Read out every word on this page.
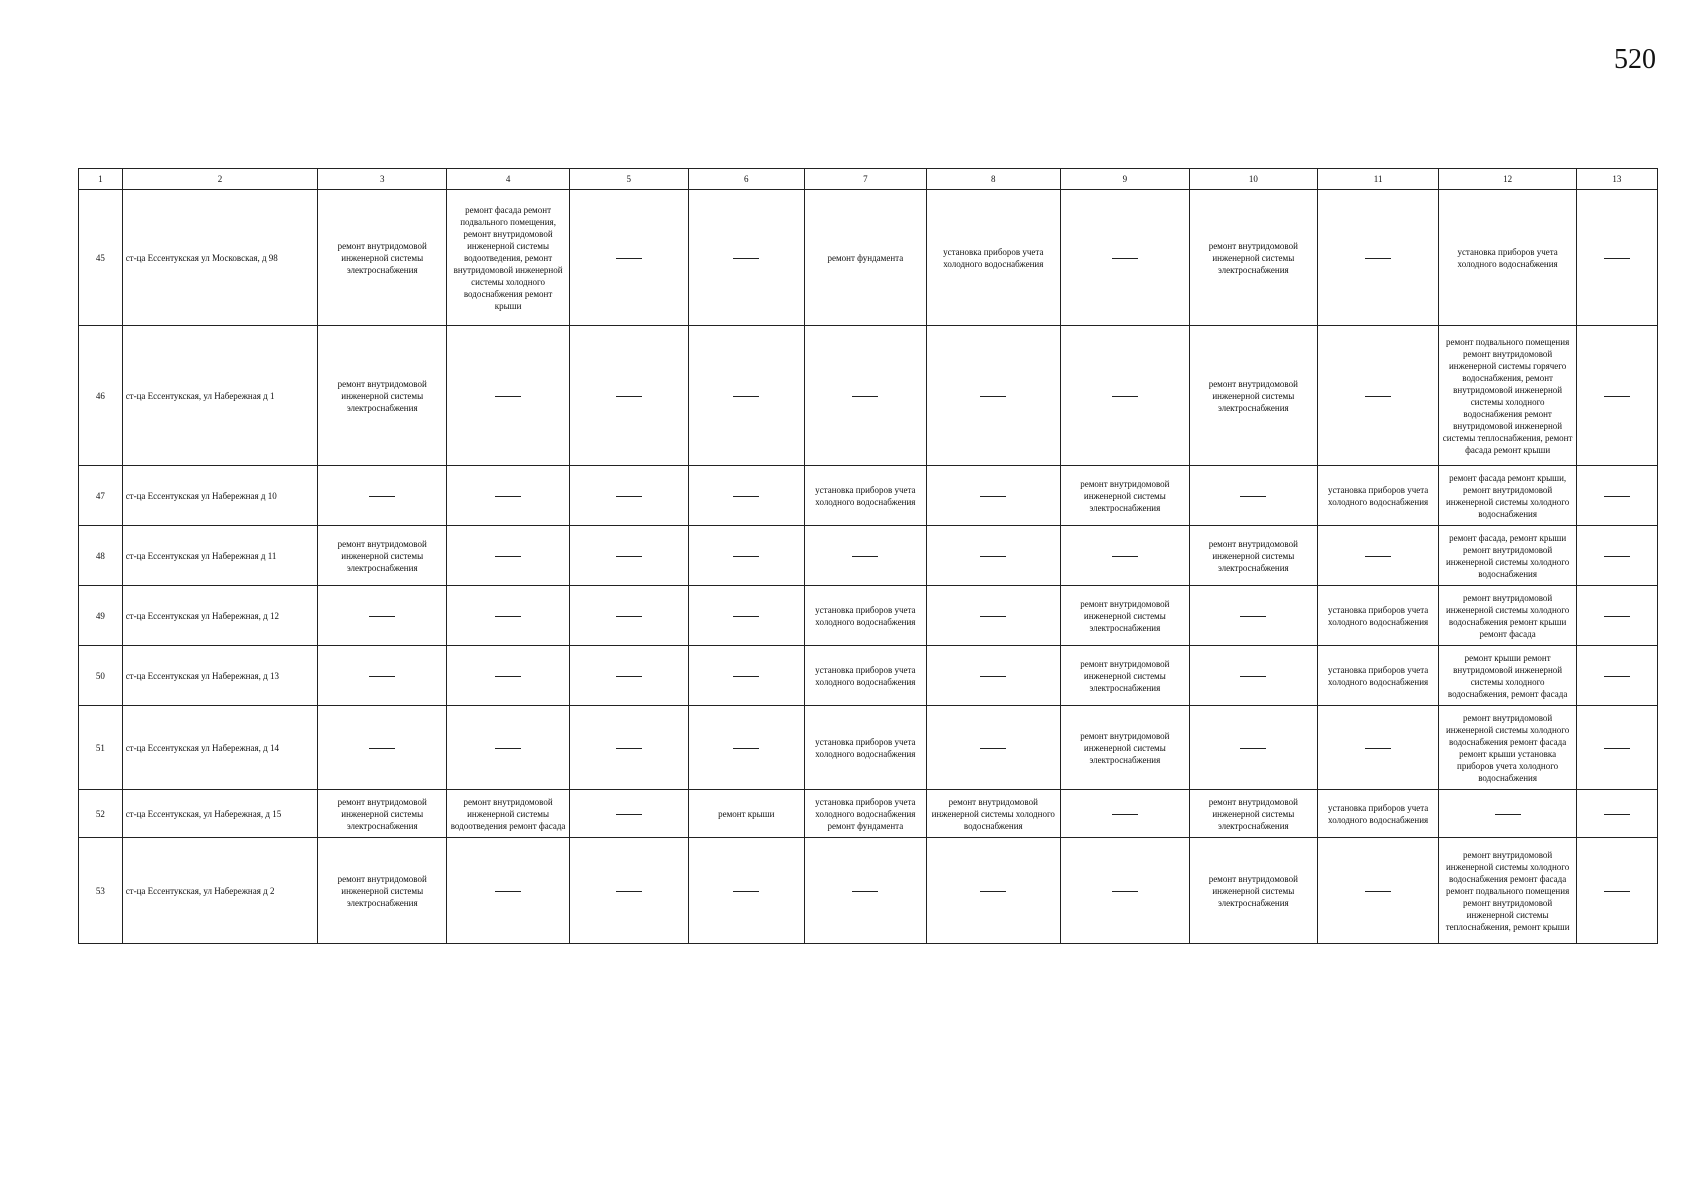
520
1	2	3	4	5	6	7	8	9	10	11	12	13
45	ст-ца Ессентукская ул Московская, д 98	ремонт внутридомовой инженерной системы электроснабжения	ремонт фасада ремонт подвального помещения, ремонт внутридомовой инженерной системы водоотведения, ремонт внутридомовой инженерной системы холодного водоснабжения ремонт крыши			ремонт фундамента	установка приборов учета холодного водоснабжения		ремонт внутридомовой инженерной системы электроснабжения		установка приборов учета холодного водоснабжения	
46	ст-ца Ессентукская, ул Набережная д 1	ремонт внутридомовой инженерной системы электроснабжения							ремонт внутридомовой инженерной системы электроснабжения		ремонт подвального помещения ремонт внутридомовой инженерной системы горячего водоснабжения, ремонт внутридомовой инженерной системы холодного водоснабжения ремонт внутридомовой инженерной системы теплоснабжения, ремонт фасада ремонт крыши	
47	ст-ца Ессентукская ул Набережная д 10					установка приборов учета холодного водоснабжения		ремонт внутридомовой инженерной системы электроснабжения		установка приборов учета холодного водоснабжения	ремонт фасада ремонт крыши, ремонт внутридомовой инженерной системы холодного водоснабжения	
48	ст-ца Ессентукская ул Набережная д 11	ремонт внутридомовой инженерной системы электроснабжения							ремонт внутридомовой инженерной системы электроснабжения		ремонт фасада, ремонт крыши ремонт внутридомовой инженерной системы холодного водоснабжения	
49	ст-ца Ессентукская ул Набережная, д 12					установка приборов учета холодного водоснабжения		ремонт внутридомовой инженерной системы электроснабжения		установка приборов учета холодного водоснабжения	ремонт внутридомовой инженерной системы холодного водоснабжения ремонт крыши ремонт фасада	
50	ст-ца Ессентукская ул Набережная, д 13					установка приборов учета холодного водоснабжения		ремонт внутридомовой инженерной системы электроснабжения		установка приборов учета холодного водоснабжения	ремонт крыши ремонт внутридомовой инженерной системы холодного водоснабжения, ремонт фасада	
51	ст-ца Ессентукская ул Набережная, д 14					установка приборов учета холодного водоснабжения		ремонт внутридомовой инженерной системы электроснабжения			ремонт внутридомовой инженерной системы холодного водоснабжения ремонт фасада ремонт крыши установка приборов учета холодного водоснабжения	
52	ст-ца Ессентукская, ул Набережная, д 15	ремонт внутридомовой инженерной системы электроснабжения	ремонт внутридомовой инженерной системы водоотведения ремонт фасада		ремонт крыши	установка приборов учета холодного водоснабжения ремонт фундамента	ремонт внутридомовой инженерной системы холодного водоснабжения		ремонт внутридомовой инженерной системы электроснабжения	установка приборов учета холодного водоснабжения		
53	ст-ца Ессентукская, ул Набережная д 2	ремонт внутридомовой инженерной системы электроснабжения							ремонт внутридомовой инженерной системы электроснабжения		ремонт внутридомовой инженерной системы холодного водоснабжения ремонт фасада ремонт подвального помещения ремонт внутридомовой инженерной системы теплоснабжения, ремонт крыши	
